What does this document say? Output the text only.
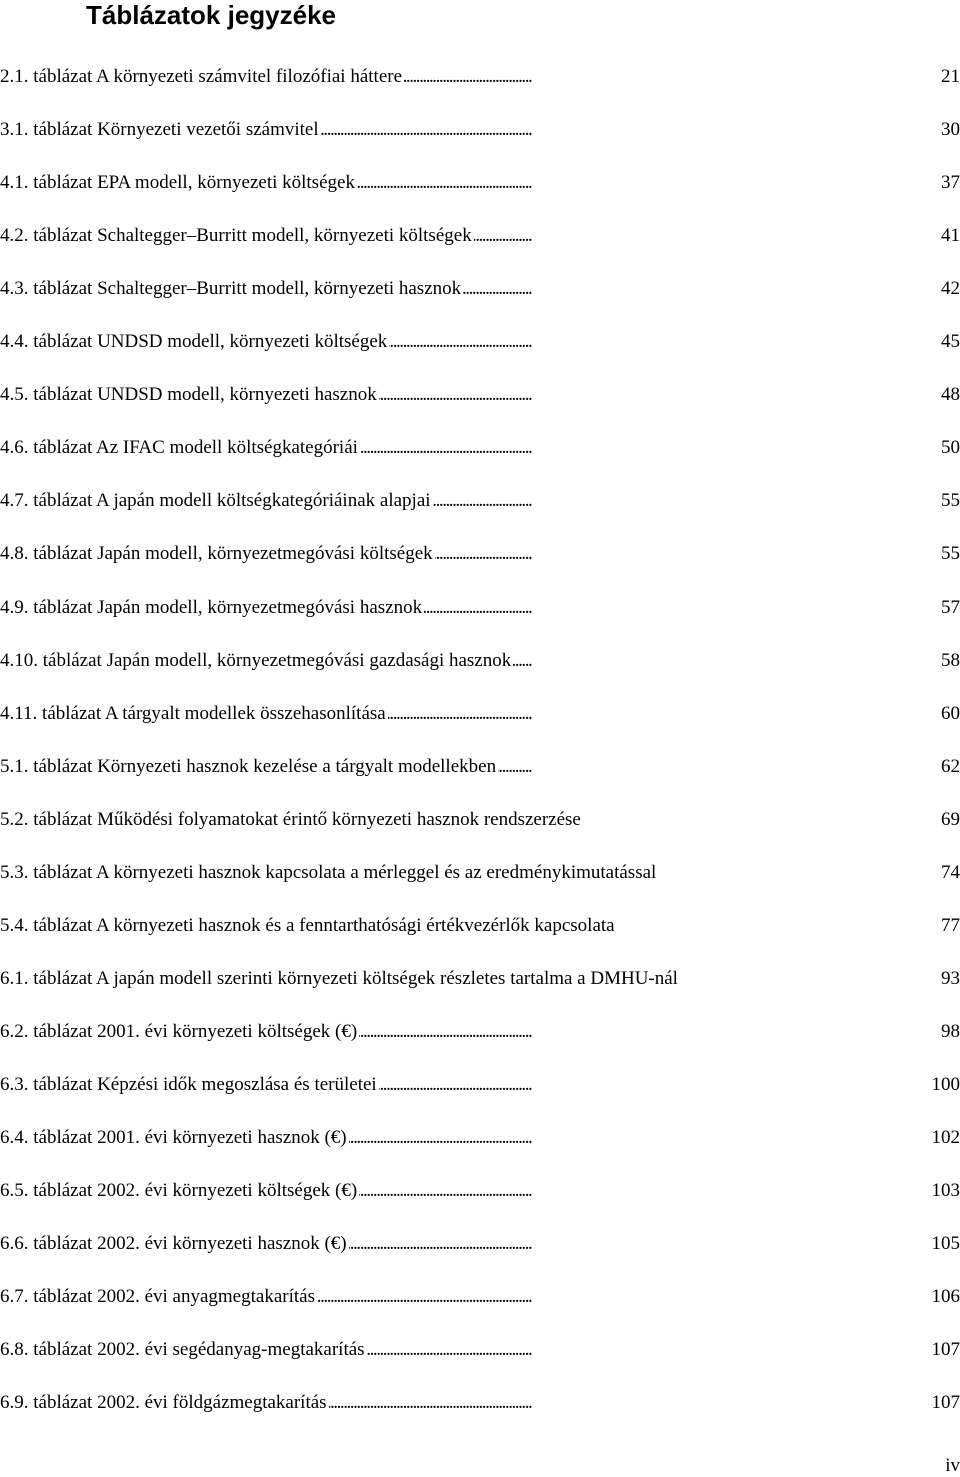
Táblázatok jegyzéke
. . .
2.1. táblázat A környezeti számvitel filozófiai háttere	21
. . .
3.1. táblázat Környezeti vezetői számvitel	30
. . .
4.1. táblázat EPA modell, környezeti költségek	37
. . .
4.2. táblázat Schaltegger–Burritt modell, környezeti költségek	41
. . .
4.3. táblázat Schaltegger–Burritt modell, környezeti hasznok	42
. . .
4.4. táblázat UNDSD modell, környezeti költségek	45
. . .
4.5. táblázat UNDSD modell, környezeti hasznok	48
. . .
4.6. táblázat Az IFAC modell költségkategóriái	50
. . .
4.7. táblázat A japán modell költségkategóriáinak alapjai	55
. . .
4.8. táblázat Japán modell, környezetmegóvási költségek	55
. . .
4.9. táblázat Japán modell, környezetmegóvási hasznok	57
. . .
4.10. táblázat Japán modell, környezetmegóvási gazdasági hasznok	58
. . .
4.11. táblázat A tárgyalt modellek összehasonlítása	60
. . .
5.1. táblázat Környezeti hasznok kezelése a tárgyalt modellekben	62
. . .
5.2. táblázat Működési folyamatokat érintő környezeti hasznok rendszerzése	69
. . .
5.3. táblázat A környezeti hasznok kapcsolata a mérleggel és az eredménykimutatással	74
. . .
5.4. táblázat A környezeti hasznok és a fenntarthatósági értékvezérlők kapcsolata	77
. . .
6.1. táblázat A japán modell szerinti környezeti költségek részletes tartalma a DMHU-nál	93
. . .
6.2. táblázat 2001. évi környezeti költségek (€)	98
. . .
6.3. táblázat Képzési idők megoszlása és területei	100
. . .
6.4. táblázat 2001. évi környezeti hasznok (€)	102
. . .
6.5. táblázat 2002. évi környezeti költségek (€)	103
. . .
6.6. táblázat 2002. évi környezeti hasznok (€)	105
. . .
6.7. táblázat 2002. évi anyagmegtakarítás	106
. . .
6.8. táblázat 2002. évi segédanyag-megtakarítás	107
. . .
6.9. táblázat 2002. évi földgázmegtakarítás	107
iv
